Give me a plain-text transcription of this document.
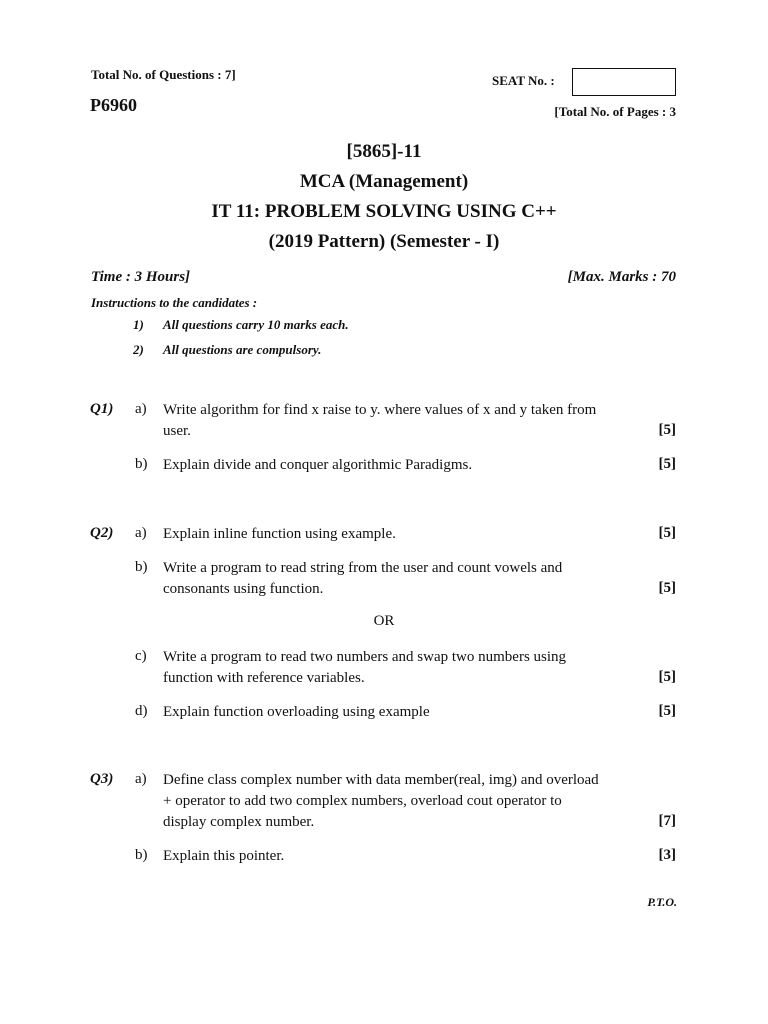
Total No. of Questions : 7]	SEAT No. :
P6960	[Total No. of Pages : 3
[5865]-11
MCA (Management)
IT 11: PROBLEM SOLVING USING C++
(2019 Pattern) (Semester - I)
Time : 3 Hours]	[Max. Marks : 70
Instructions to the candidates :
1) All questions carry 10 marks each.
2) All questions are compulsory.
Q1) a) Write algorithm for find x raise to y. where values of x and y taken from
user.	[5]
b) Explain divide and conquer algorithmic Paradigms.	[5]
Q2) a) Explain inline function using example.	[5]
b) Write a program to read string from the user and count vowels and
consonants using function.	[5]
OR
c) Write a program to read two numbers and swap two numbers using
function with reference variables.	[5]
d) Explain function overloading using example	[5]
Q3) a) Define class complex number with data member(real, img) and overload
+ operator to add two complex numbers, overload cout operator to
display complex number.	[7]
b) Explain this pointer.	[3]
P.T.O.
